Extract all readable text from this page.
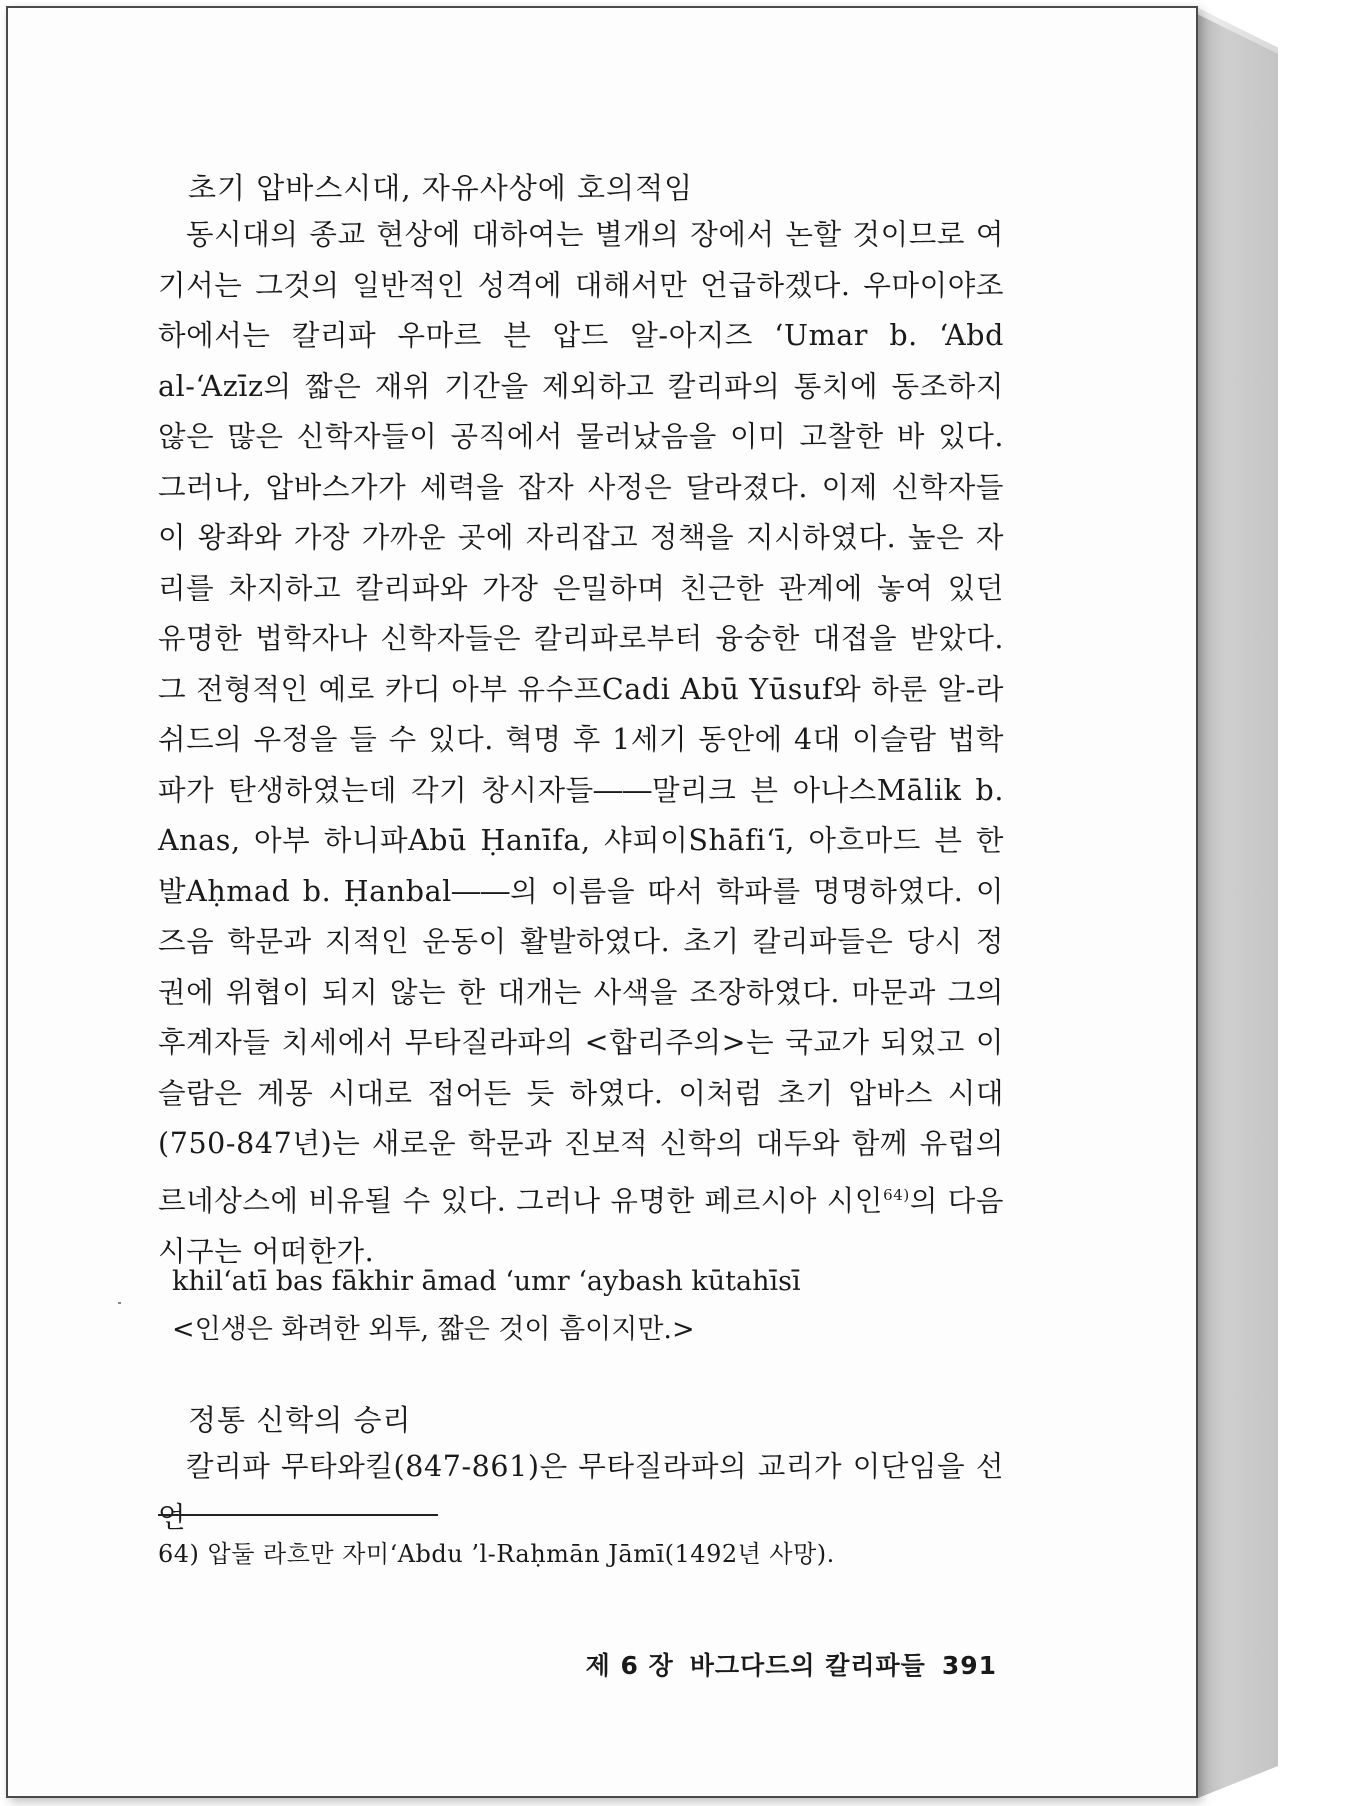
초기 압바스시대, 자유사상에 호의적임

동시대의 종교 현상에 대하여는 별개의 장에서 논할 것이므로 여기서는 그것의 일반적인 성격에 대해서만 언급하겠다. 우마이야조하에서는 칼리파 우마르 븐 압드 알-아지즈 ‘Umar b. ‘Abd al-‘Azīz의 짧은 재위 기간을 제외하고 칼리파의 통치에 동조하지 않은 많은 신학자들이 공직에서 물러났음을 이미 고찰한 바 있다. 그러나, 압바스가가 세력을 잡자 사정은 달라졌다. 이제 신학자들이 왕좌와 가장 가까운 곳에 자리잡고 정책을 지시하였다. 높은 자리를 차지하고 칼리파와 가장 은밀하며 친근한 관계에 놓여 있던 유명한 법학자나 신학자들은 칼리파로부터 융숭한 대접을 받았다. 그 전형적인 예로 카디 아부 유수프Cadi Abū Yūsuf와 하룬 알-라쉬드의 우정을 들 수 있다. 혁명 후 1세기 동안에 4대 이슬람 법학파가 탄생하였는데 각기 창시자들――말리크 븐 아나스Mālik b. Anas, 아부 하니파Abū Ḥanīfa, 샤피이Shāfi‘ī, 아흐마드 븐 한발Aḥmad b. Ḥanbal――의 이름을 따서 학파를 명명하였다. 이즈음 학문과 지적인 운동이 활발하였다. 초기 칼리파들은 당시 정권에 위협이 되지 않는 한 대개는 사색을 조장하였다. 마문과 그의 후계자들 치세에서 무타질라파의 <합리주의>는 국교가 되었고 이슬람은 계몽 시대로 접어든 듯 하였다. 이처럼 초기 압바스 시대(750-847년)는 새로운 학문과 진보적 신학의 대두와 함께 유럽의 르네상스에 비유될 수 있다. 그러나 유명한 페르시아 시인$^{64)}$의 다음 시구는 어떠한가.

khil‘atī bas fākhir āmad ‘umr ‘aybash kūtahīsī
<인생은 화려한 외투, 짧은 것이 흠이지만.>
정통 신학의 승리

칼리파 무타와킬(847-861)은 무타질라파의 교리가 이단임을 선언

64) 압둘 라흐만 자미‘Abdu ’l-Raḥmān Jāmī(1492년 사망).
제 6 장 바그다드의 칼리파들 391
